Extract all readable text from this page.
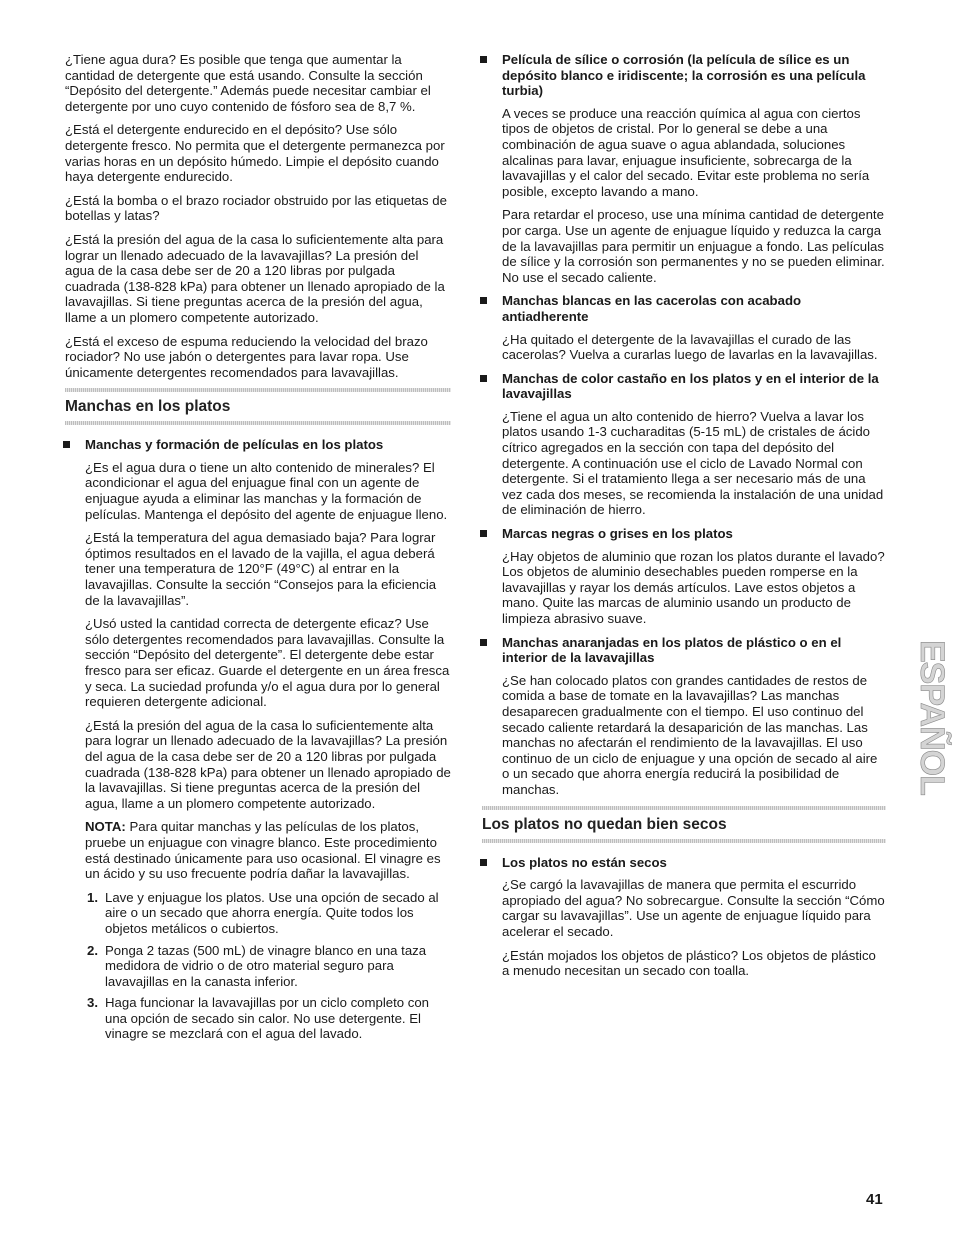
¿Tiene agua dura? Es posible que tenga que aumentar la cantidad de detergente que está usando. Consulte la sección “Depósito del detergente.” Además puede necesitar cambiar el detergente por uno cuyo contenido de fósforo sea de 8,7 %.

¿Está el detergente endurecido en el depósito? Use sólo detergente fresco. No permita que el detergente permanezca por varias horas en un depósito húmedo. Limpie el depósito cuando haya detergente endurecido.

¿Está la bomba o el brazo rociador obstruido por las etiquetas de botellas y latas?

¿Está la presión del agua de la casa lo suficientemente alta para lograr un llenado adecuado de la lavavajillas? La presión del agua de la casa debe ser de 20 a 120 libras por pulgada cuadrada (138-828 kPa) para obtener un llenado apropiado de la lavavajillas. Si tiene preguntas acerca de la presión del agua, llame a un plomero competente autorizado.

¿Está el exceso de espuma reduciendo la velocidad del brazo rociador? No use jabón o detergentes para lavar ropa. Use únicamente detergentes recomendados para lavavajillas.

Manchas en los platos
Manchas y formación de películas en los platos

¿Es el agua dura o tiene un alto contenido de minerales? El acondicionar el agua del enjuague final con un agente de enjuague ayuda a eliminar las manchas y la formación de películas. Mantenga el depósito del agente de enjuague lleno.

¿Está la temperatura del agua demasiado baja? Para lograr óptimos resultados en el lavado de la vajilla, el agua deberá tener una temperatura de 120°F (49°C) al entrar en la lavavajillas. Consulte la sección “Consejos para la eficiencia de la lavavajillas”.

¿Usó usted la cantidad correcta de detergente eficaz? Use sólo detergentes recomendados para lavavajillas. Consulte la sección “Depósito del detergente”. El detergente debe estar fresco para ser eficaz. Guarde el detergente en un área fresca y seca. La suciedad profunda y/o el agua dura por lo general requieren detergente adicional.

¿Está la presión del agua de la casa lo suficientemente alta para lograr un llenado adecuado de la lavavajillas? La presión del agua de la casa debe ser de 20 a 120 libras por pulgada cuadrada (138-828 kPa) para obtener un llenado apropiado de la lavavajillas. Si tiene preguntas acerca de la presión del agua, llame a un plomero competente autorizado.

NOTA: Para quitar manchas y las películas de los platos, pruebe un enjuague con vinagre blanco. Este procedimiento está destinado únicamente para uso ocasional. El vinagre es un ácido y su uso frecuente podría dañar la lavavajillas.

1. Lave y enjuague los platos. Use una opción de secado al aire o un secado que ahorra energía. Quite todos los objetos metálicos o cubiertos.
2. Ponga 2 tazas (500 mL) de vinagre blanco en una taza medidora de vidrio o de otro material seguro para lavavajillas en la canasta inferior.
3. Haga funcionar la lavavajillas por un ciclo completo con una opción de secado sin calor. No use detergente. El vinagre se mezclará con el agua del lavado.
Película de sílice o corrosión (la película de sílice es un depósito blanco e iridiscente; la corrosión es una película turbia)

A veces se produce una reacción química al agua con ciertos tipos de objetos de cristal. Por lo general se debe a una combinación de agua suave o agua ablandada, soluciones alcalinas para lavar, enjuague insuficiente, sobrecarga de la lavavajillas y el calor del secado. Evitar este problema no sería posible, excepto lavando a mano.

Para retardar el proceso, use una mínima cantidad de detergente por carga. Use un agente de enjuague líquido y reduzca la carga de la lavavajillas para permitir un enjuague a fondo. Las películas de sílice y la corrosión son permanentes y no se pueden eliminar. No use el secado caliente.

Manchas blancas en las cacerolas con acabado antiadherente

¿Ha quitado el detergente de la lavavajillas el curado de las cacerolas? Vuelva a curarlas luego de lavarlas en la lavavajillas.

Manchas de color castaño en los platos y en el interior de la lavavajillas

¿Tiene el agua un alto contenido de hierro? Vuelva a lavar los platos usando 1-3 cucharaditas (5-15 mL) de cristales de ácido cítrico agregados en la sección con tapa del depósito del detergente. A continuación use el ciclo de Lavado Normal con detergente. Si el tratamiento llega a ser necesario más de una vez cada dos meses, se recomienda la instalación de una unidad de eliminación de hierro.

Marcas negras o grises en los platos

¿Hay objetos de aluminio que rozan los platos durante el lavado? Los objetos de aluminio desechables pueden romperse en la lavavajillas y rayar los demás artículos. Lave estos objetos a mano. Quite las marcas de aluminio usando un producto de limpieza abrasivo suave.

Manchas anaranjadas en los platos de plástico o en el interior de la lavavajillas

¿Se han colocado platos con grandes cantidades de restos de comida a base de tomate en la lavavajillas? Las manchas desaparecen gradualmente con el tiempo. El uso continuo del secado caliente retardará la desaparición de las manchas. Las manchas no afectarán el rendimiento de la lavavajillas. El uso continuo de un ciclo de enjuague y una opción de secado al aire o un secado que ahorra energía reducirá la posibilidad de manchas.

Los platos no quedan bien secos
Los platos no están secos

¿Se cargó la lavavajillas de manera que permita el escurrido apropiado del agua? No sobrecargue. Consulte la sección “Cómo cargar su lavavajillas”. Use un agente de enjuague líquido para acelerar el secado.

¿Están mojados los objetos de plástico? Los objetos de plástico a menudo necesitan un secado con toalla.

ESPAÑOL
41
